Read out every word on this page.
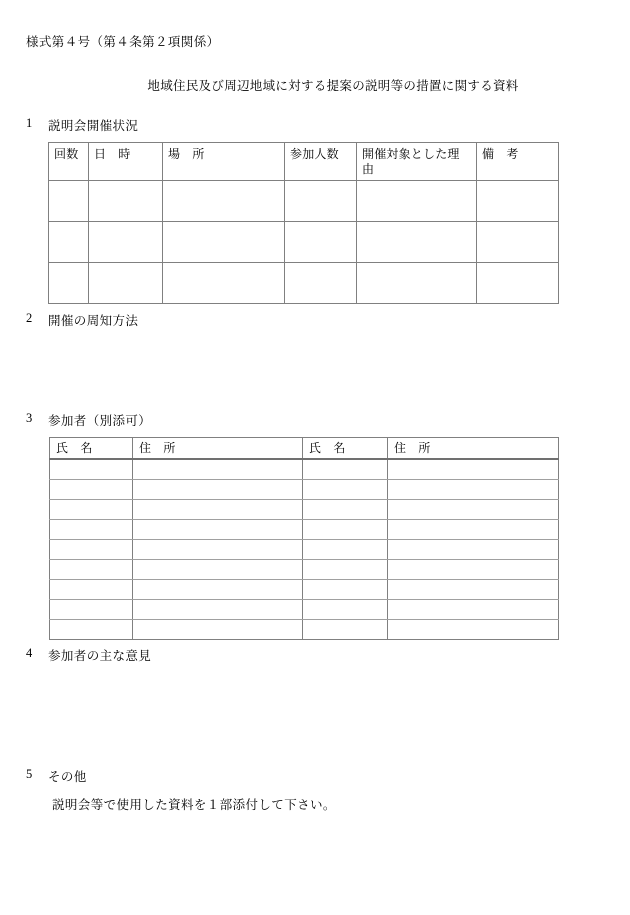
様式第４号（第４条第２項関係）
地域住民及び周辺地域に対する提案の説明等の措置に関する資料
1	説明会開催状況
回数	日　時	場　所	参加人数	開催対象とした理由	備　考

2	開催の周知方法
3	参加者（別添可）
氏　名	住　所	氏　名	住　所

4	参加者の主な意見
5	その他
説明会等で使用した資料を１部添付して下さい。
